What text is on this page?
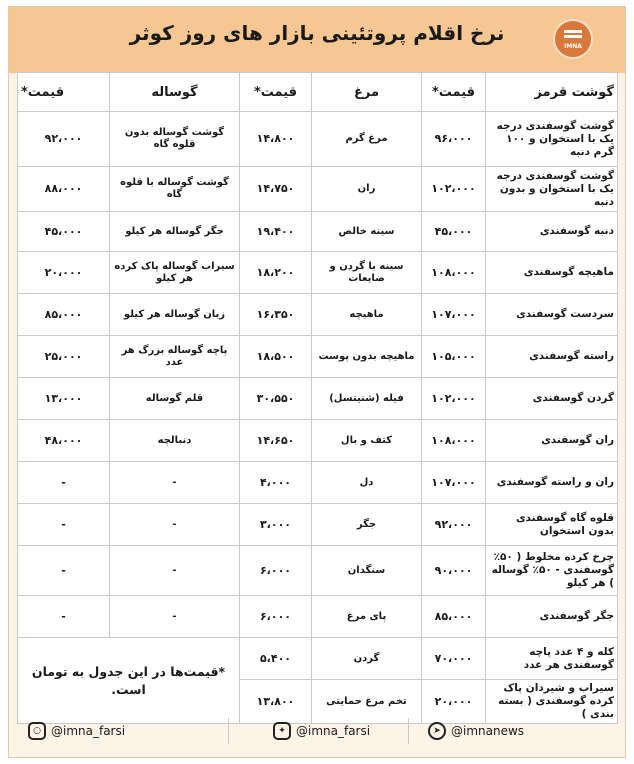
نرخ اقلام پروتئینی بازار های روز کوثر
IMNA
گوشت قرمز	قیمت*	مرغ	قیمت*	گوساله	قیمت*
گوشت گوسفندی درجه یک با استخوان و ۱۰۰ گرم دنبه	۹۶،۰۰۰	مرغ گرم	۱۴،۸۰۰	گوشت گوساله بدون قلوه گاه	۹۲،۰۰۰
گوشت گوسفندی درجه یک با استخوان و بدون دنبه	۱۰۲،۰۰۰	ران	۱۴،۷۵۰	گوشت گوساله با قلوه گاه	۸۸،۰۰۰
دنبه گوسفندی	۴۵،۰۰۰	سینه خالص	۱۹،۴۰۰	جگر گوساله هر کیلو	۴۵،۰۰۰
ماهیچه گوسفندی	۱۰۸،۰۰۰	سینه با گردن و ضایعات	۱۸،۲۰۰	سیراب گوساله پاک کرده هر کیلو	۲۰،۰۰۰
سردست گوسفندی	۱۰۷،۰۰۰	ماهیچه	۱۶،۳۵۰	زبان گوساله هر کیلو	۸۵،۰۰۰
راسته گوسفندی	۱۰۵،۰۰۰	ماهیچه بدون پوست	۱۸،۵۰۰	پاچه گوساله بزرگ هر عدد	۲۵،۰۰۰
گردن گوسفندی	۱۰۲،۰۰۰	فیله (شنیتسل)	۳۰،۵۵۰	قلم گوساله	۱۳،۰۰۰
ران گوسفندی	۱۰۸،۰۰۰	کتف و بال	۱۴،۶۵۰	دنبالچه	۴۸،۰۰۰
ران و راسته گوسفندی	۱۰۷،۰۰۰	دل	۴،۰۰۰	-	-
قلوه گاه گوسفندی بدون استخوان	۹۲،۰۰۰	جگر	۳،۰۰۰	-	-
چرخ کرده مخلوط ( ۵۰٪ گوسفندی - ۵۰٪ گوساله ) هر کیلو	۹۰،۰۰۰	سنگدان	۶،۰۰۰	-	-
جگر گوسفندی	۸۵،۰۰۰	پای مرغ	۶،۰۰۰	-	-
کله و ۴ عدد پاچه گوسفندی هر عدد	۷۰،۰۰۰	گردن	۵،۴۰۰	*قیمت‌ها در این جدول به تومان است.	
سیراب و شیردان پاک کرده گوسفندی ( بسته بندی )	۲۰،۰۰۰	تخم مرغ حمایتی	۱۳،۸۰۰		
○ @imna_farsi	✦ @imna_farsi	➤ @imnanews
